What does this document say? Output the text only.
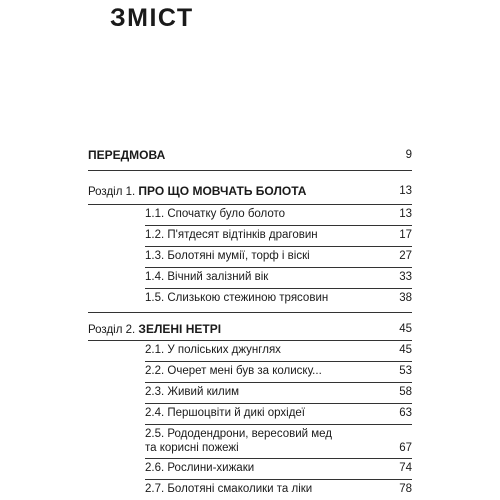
ЗМІСТ
ПЕРЕДМОВА	9
Розділ 1. ПРО ЩО МОВЧАТЬ БОЛОТА	13
1.1. Спочатку було болото	13
1.2. П'ятдесят відтінків драговин	17
1.3. Болотяні мумії, торф і віскі	27
1.4. Вічний залізний вік	33
1.5. Слизькою стежиною трясовин	38
Розділ 2. ЗЕЛЕНІ НЕТРІ	45
2.1. У поліських джунглях	45
2.2. Очерет мені був за колиску...	53
2.3. Живий килим	58
2.4. Першоцвіти й дикі орхідеї	63
2.5. Рододендрони, вересовий мед
та корисні пожежі	67
2.6. Рослини-хижаки	74
2.7. Болотяні смаколики та ліки	78
